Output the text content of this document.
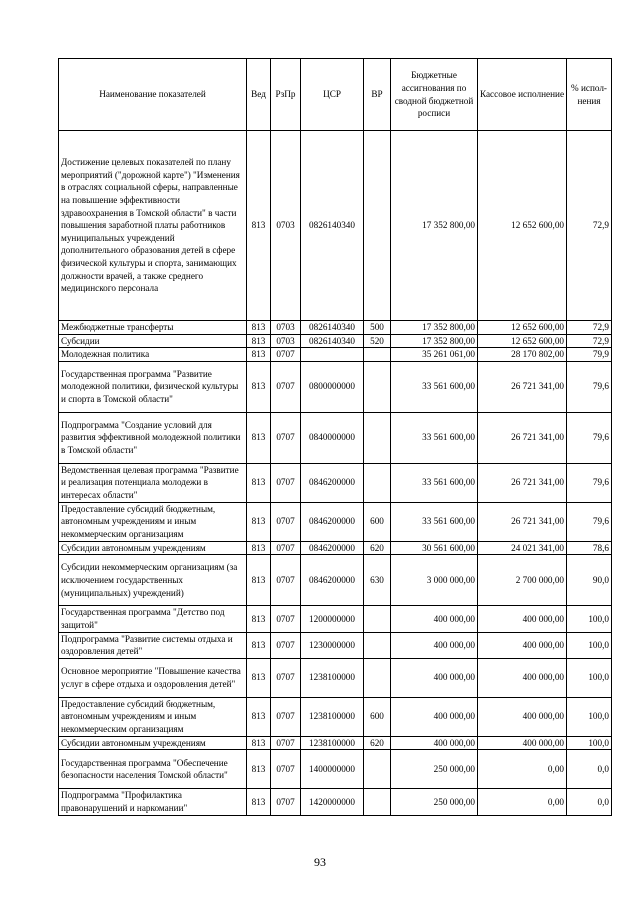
Наименование показателей	Вед	РзПр	ЦСР	ВР	Бюджетные ассигнования по сводной бюджетной росписи	Кассовое исполнение	% испол-нения
Достижение целевых показателей по плану мероприятий ("дорожной карте") "Изменения в отраслях социальной сферы, направленные на повышение эффективности здравоохранения в Томской области" в части повышения заработной платы работников муниципальных учреждений дополнительного образования детей в сфере физической культуры и спорта, занимающих должности врачей, а также среднего медицинского персонала	813	0703	0826140340		17 352 800,00	12 652 600,00	72,9
Межбюджетные трансферты	813	0703	0826140340	500	17 352 800,00	12 652 600,00	72,9
Субсидии	813	0703	0826140340	520	17 352 800,00	12 652 600,00	72,9
Молодежная политика	813	0707			35 261 061,00	28 170 802,00	79,9
Государственная программа "Развитие молодежной политики, физической культуры и спорта в Томской области"	813	0707	0800000000		33 561 600,00	26 721 341,00	79,6
Подпрограмма "Создание условий для развития эффективной молодежной политики в Томской области"	813	0707	0840000000		33 561 600,00	26 721 341,00	79,6
Ведомственная целевая программа "Развитие и реализация потенциала молодежи в интересах области"	813	0707	0846200000		33 561 600,00	26 721 341,00	79,6
Предоставление субсидий бюджетным, автономным учреждениям и иным некоммерческим организациям	813	0707	0846200000	600	33 561 600,00	26 721 341,00	79,6
Субсидии автономным учреждениям	813	0707	0846200000	620	30 561 600,00	24 021 341,00	78,6
Субсидии некоммерческим организациям (за исключением государственных (муниципальных) учреждений)	813	0707	0846200000	630	3 000 000,00	2 700 000,00	90,0
Государственная программа "Детство под защитой"	813	0707	1200000000		400 000,00	400 000,00	100,0
Подпрограмма "Развитие системы отдыха и оздоровления детей"	813	0707	1230000000		400 000,00	400 000,00	100,0
Основное мероприятие "Повышение качества услуг в сфере отдыха и оздоровления детей"	813	0707	1238100000		400 000,00	400 000,00	100,0
Предоставление субсидий бюджетным, автономным учреждениям и иным некоммерческим организациям	813	0707	1238100000	600	400 000,00	400 000,00	100,0
Субсидии автономным учреждениям	813	0707	1238100000	620	400 000,00	400 000,00	100,0
Государственная программа "Обеспечение безопасности населения Томской области"	813	0707	1400000000		250 000,00	0,00	0,0
Подпрограмма "Профилактика правонарушений и наркомании"	813	0707	1420000000		250 000,00	0,00	0,0
93
